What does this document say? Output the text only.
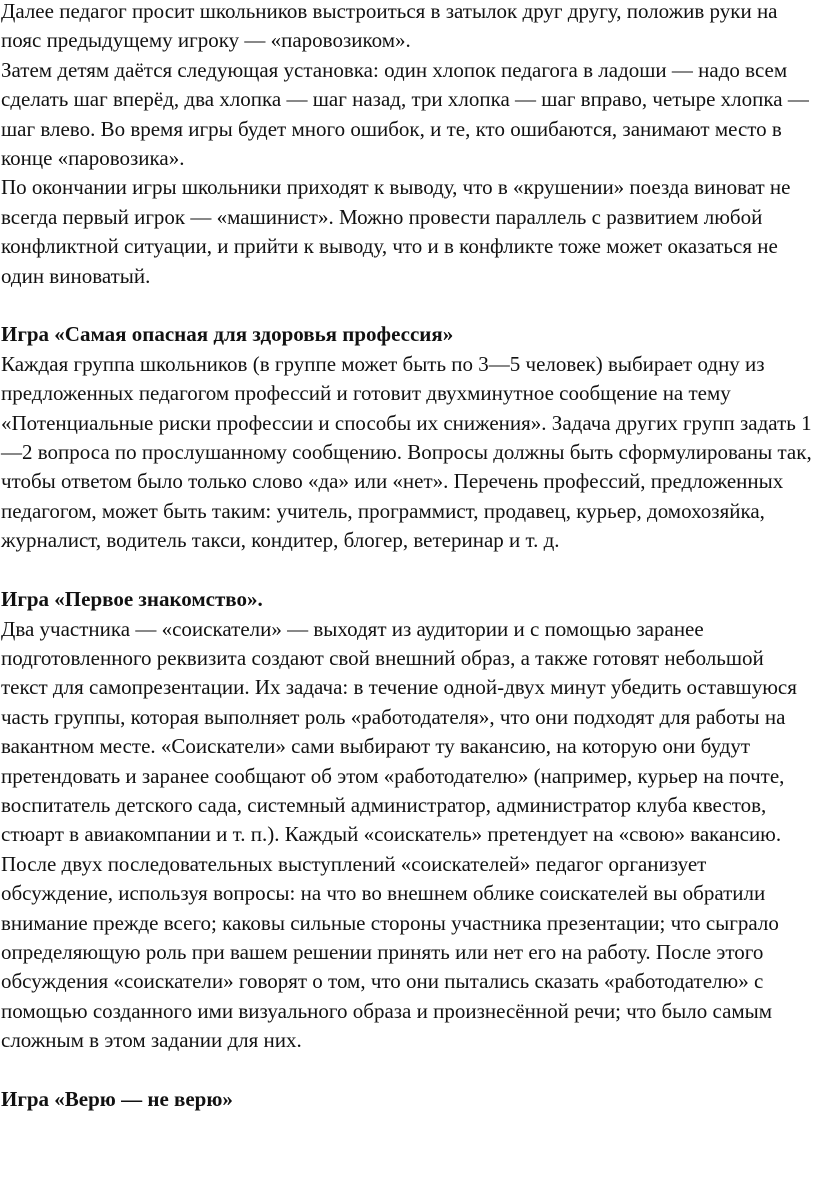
Далее педагог просит школьников выстроиться в затылок друг другу, положив руки на пояс предыдущему игроку — «паровозиком».

Затем детям даётся следующая установка: один хлопок педагога в ладоши — надо всем сделать шаг вперёд, два хлопка — шаг назад, три хлопка — шаг вправо, четыре хлопка — шаг влево. Во время игры будет много ошибок, и те, кто ошибаются, занимают место в конце «паровозика».

По окончании игры школьники приходят к выводу, что в «крушении» поезда виноват не всегда первый игрок — «машинист». Можно провести параллель с развитием любой конфликтной ситуации, и прийти к выводу, что и в конфликте тоже может оказаться не один виноватый.

Игра «Самая опасная для здоровья профессия»

Каждая группа школьников (в группе может быть по 3—5 человек) выбирает одну из предложенных педагогом профессий и готовит двухминутное сообщение на тему «Потенциальные риски профессии и способы их снижения». Задача других групп задать 1—2 вопроса по прослушанному сообщению. Вопросы должны быть сформулированы так, чтобы ответом было только слово «да» или «нет». Перечень профессий, предложенных педагогом, может быть таким: учитель, программист, продавец, курьер, домохозяйка, журналист, водитель такси, кондитер, блогер, ветеринар и т. д.

Игра «Первое знакомство».

Два участника — «соискатели» — выходят из аудитории и с помощью заранее подготовленного реквизита создают свой внешний образ, а также готовят небольшой текст для самопрезентации. Их задача: в течение одной-двух минут убедить оставшуюся часть группы, которая выполняет роль «работодателя», что они подходят для работы на вакантном месте. «Соискатели» сами выбирают ту вакансию, на которую они будут претендовать и заранее сообщают об этом «работодателю» (например, курьер на почте, воспитатель детского сада, системный администратор, администратор клуба квестов, стюарт в авиакомпании и т. п.). Каждый «соискатель» претендует на «свою» вакансию. После двух последовательных выступлений «соискателей» педагог организует обсуждение, используя вопросы: на что во внешнем облике соискателей вы обратили внимание прежде всего; каковы сильные стороны участника презентации; что сыграло определяющую роль при вашем решении принять или нет его на работу. После этого обсуждения «соискатели» говорят о том, что они пытались сказать «работодателю» с помощью созданного ими визуального образа и произнесённой речи; что было самым сложным в этом задании для них.

Игра «Верю — не верю»
